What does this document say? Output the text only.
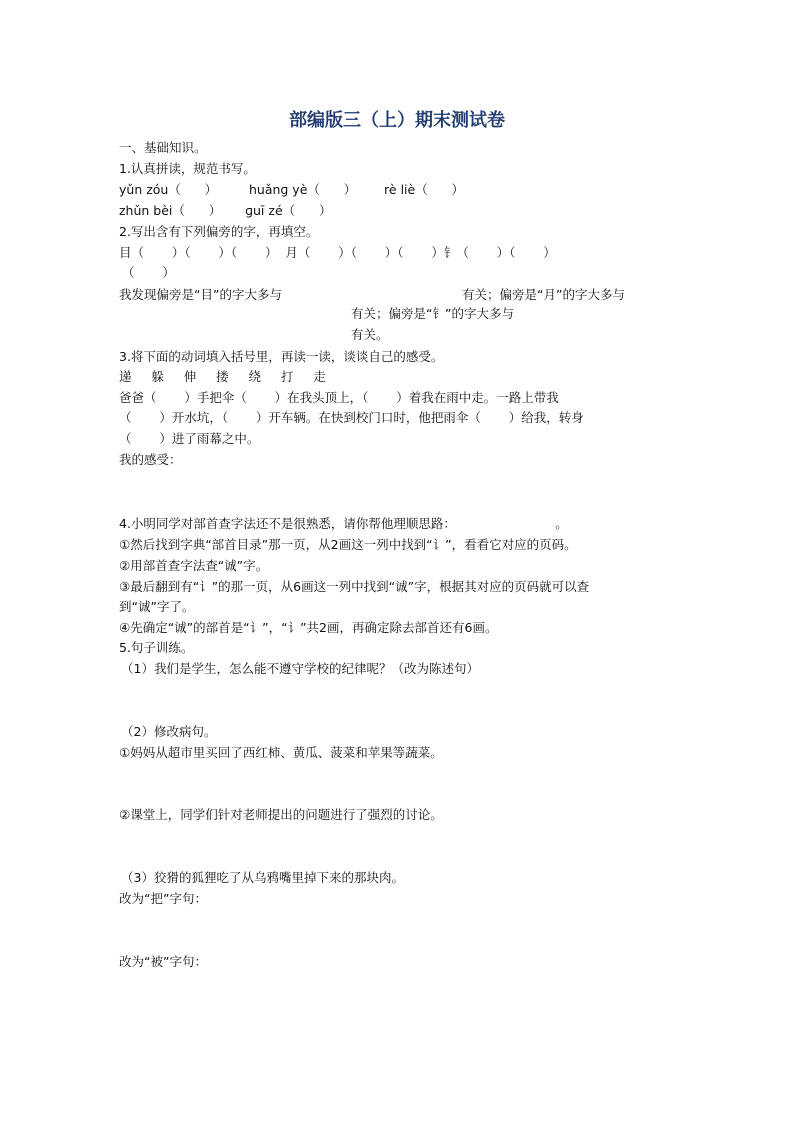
部编版三（上）期末测试卷
一、基础知识。
1.认真拼读，规范书写。
yǔn zóu（      ）        huǎnɡ yè（      ）       rè liè（      ）
zhǔn bèi（      ）      ɡuī zé（      ）
2.写出含有下列偏旁的字，再填空。
目（       ）（       ）（       ）  月（       ）（       ）（       ）钅（       ）（       ）
（       ）
我发现偏旁是“目”的字大多与	有关；偏旁是“月”的字大多与
有关；偏旁是“钅”的字大多与
有关。
3.将下面的动词填入括号里，再读一读，谈谈自己的感受。
递     躲     伸     搂     绕     打     走
爸爸（       ）手把伞（       ）在我头顶上，（       ）着我在雨中走。一路上带我
（       ）开水坑，（       ）开车辆。在快到校门口时，他把雨伞（       ）给我，转身
（       ）进了雨幕之中。
我的感受：
4.小明同学对部首查字法还不是很熟悉，请你帮他理顺思路：                         。
①然后找到字典“部首目录”那一页，从2画这一列中找到“讠”，看看它对应的页码。
②用部首查字法查“诚”字。
③最后翻到有“讠”的那一页，从6画这一列中找到“诚”字，根据其对应的页码就可以查
到“诚”字了。
④先确定“诚”的部首是“讠”，“讠”共2画，再确定除去部首还有6画。
5.句子训练。
（1）我们是学生，怎么能不遵守学校的纪律呢？（改为陈述句）
（2）修改病句。
①妈妈从超市里买回了西红柿、黄瓜、菠菜和苹果等蔬菜。
②课堂上，同学们针对老师提出的问题进行了强烈的讨论。
（3）狡猾的狐狸吃了从乌鸦嘴里掉下来的那块肉。
改为“把”字句：
改为“被”字句：
